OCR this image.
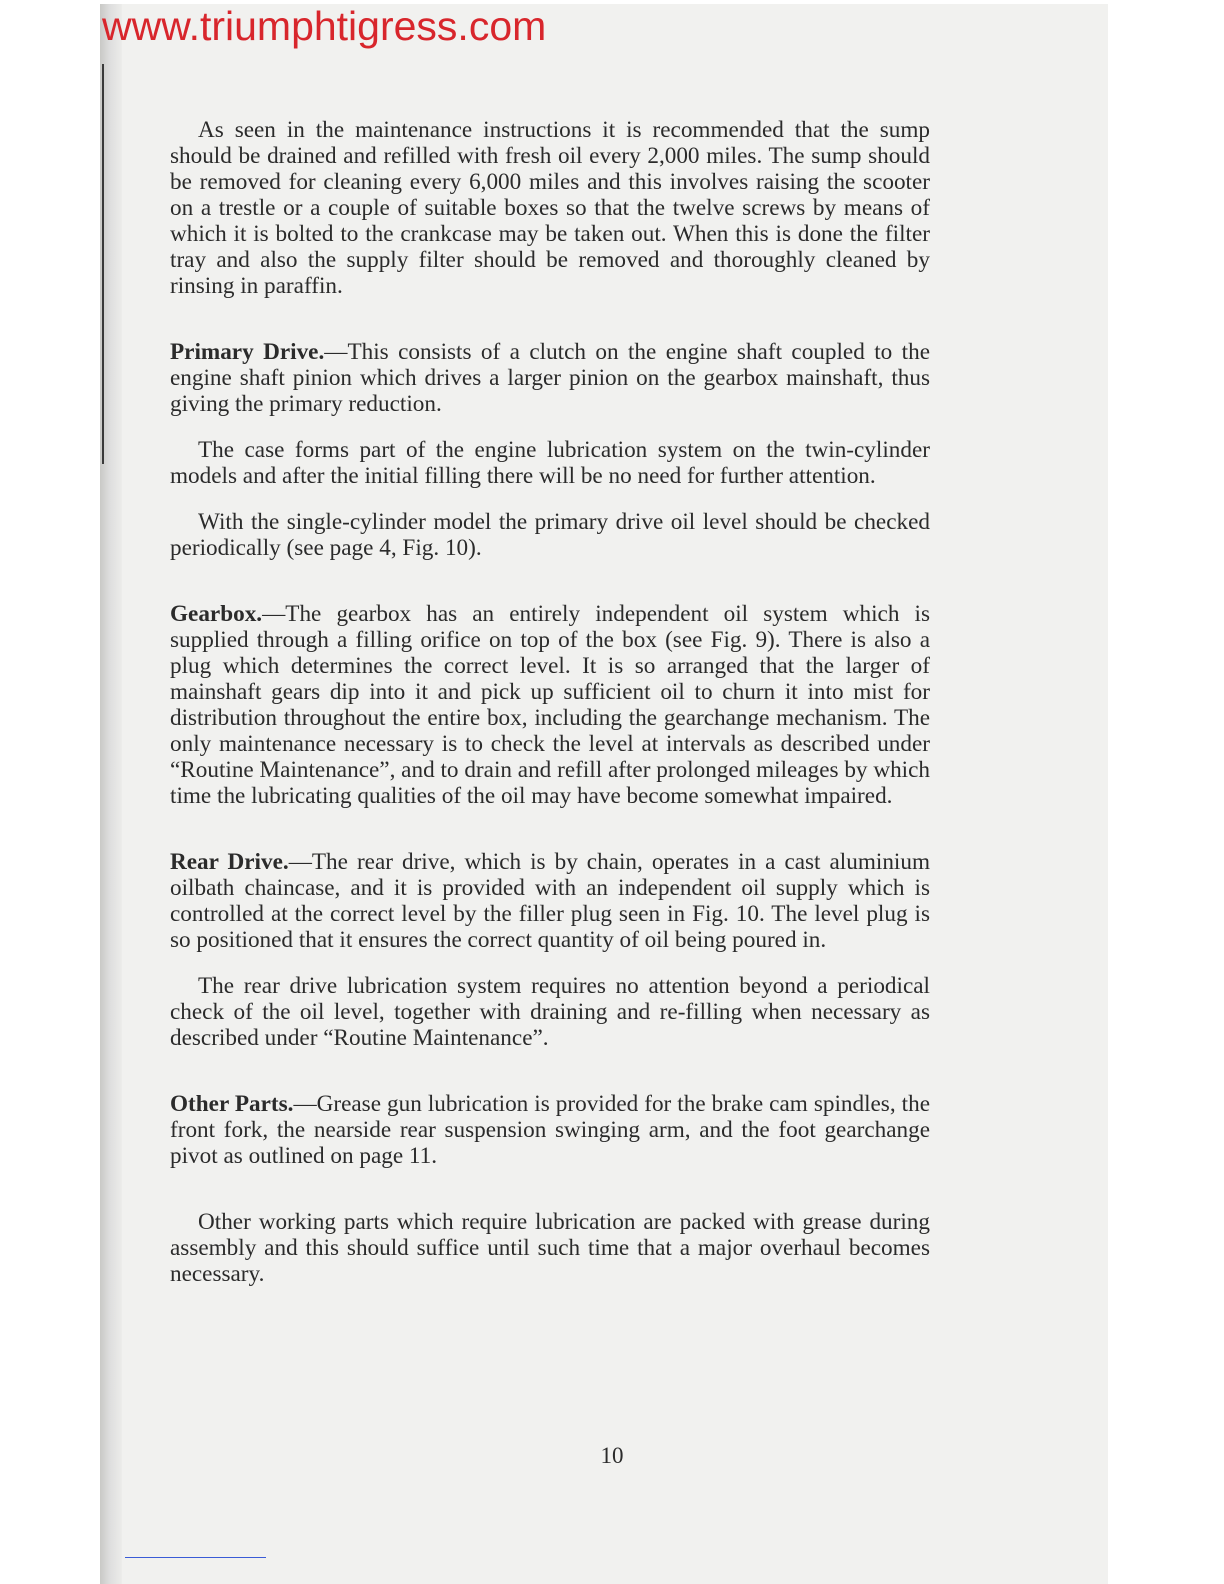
www.triumphtigress.com

As seen in the maintenance instructions it is recommended that the sump should be drained and refilled with fresh oil every 2,000 miles. The sump should be removed for cleaning every 6,000 miles and this involves raising the scooter on a trestle or a couple of suitable boxes so that the twelve screws by means of which it is bolted to the crankcase may be taken out. When this is done the filter tray and also the supply filter should be removed and thoroughly cleaned by rinsing in paraffin.

Primary Drive.—This consists of a clutch on the engine shaft coupled to the engine shaft pinion which drives a larger pinion on the gearbox mainshaft, thus giving the primary reduction.

The case forms part of the engine lubrication system on the twin-cylinder models and after the initial filling there will be no need for further attention.

With the single-cylinder model the primary drive oil level should be checked periodically (see page 4, Fig. 10).

Gearbox.—The gearbox has an entirely independent oil system which is supplied through a filling orifice on top of the box (see Fig. 9). There is also a plug which determines the correct level. It is so arranged that the larger of mainshaft gears dip into it and pick up sufficient oil to churn it into mist for distribution throughout the entire box, including the gearchange mechanism. The only maintenance necessary is to check the level at intervals as described under “Routine Maintenance”, and to drain and refill after prolonged mileages by which time the lubricating qualities of the oil may have become somewhat impaired.

Rear Drive.—The rear drive, which is by chain, operates in a cast aluminium oilbath chaincase, and it is provided with an independent oil supply which is controlled at the correct level by the filler plug seen in Fig. 10. The level plug is so positioned that it ensures the correct quantity of oil being poured in.

The rear drive lubrication system requires no attention beyond a periodical check of the oil level, together with draining and re-filling when necessary as described under “Routine Maintenance”.

Other Parts.—Grease gun lubrication is provided for the brake cam spindles, the front fork, the nearside rear suspension swinging arm, and the foot gearchange pivot as outlined on page 11.

Other working parts which require lubrication are packed with grease during assembly and this should suffice until such time that a major overhaul becomes necessary.

10
